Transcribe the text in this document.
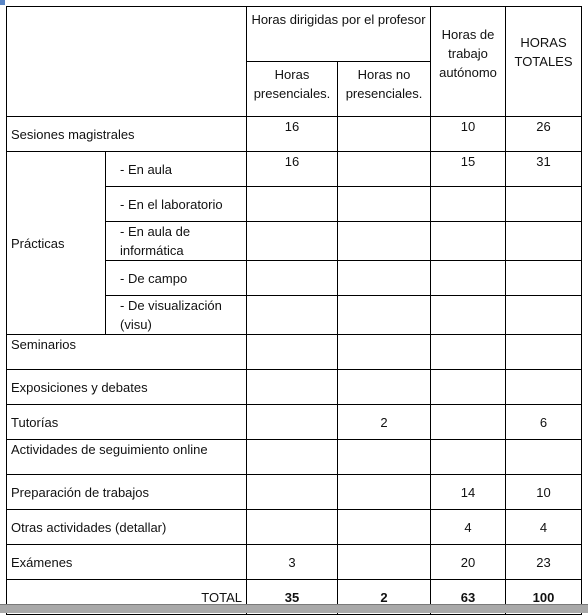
		Horas dirigidas por el profesor		Horas de trabajo autónomo	HORAS TOTALES
		Horas presenciales.	Horas no presenciales.		
Sesiones magistrales		16		10	26
Prácticas	- En aula	16		15	31
	- En el laboratorio				
	- En aula de informática				
	- De campo				
	- De visualización (visu)				
Seminarios					
Exposiciones y debates					
Tutorías			2		6
Actividades de seguimiento online					
Preparación de trabajos				14	10
Otras actividades (detallar)				4	4
Exámenes		3		20	23
TOTAL		35	2	63	100
